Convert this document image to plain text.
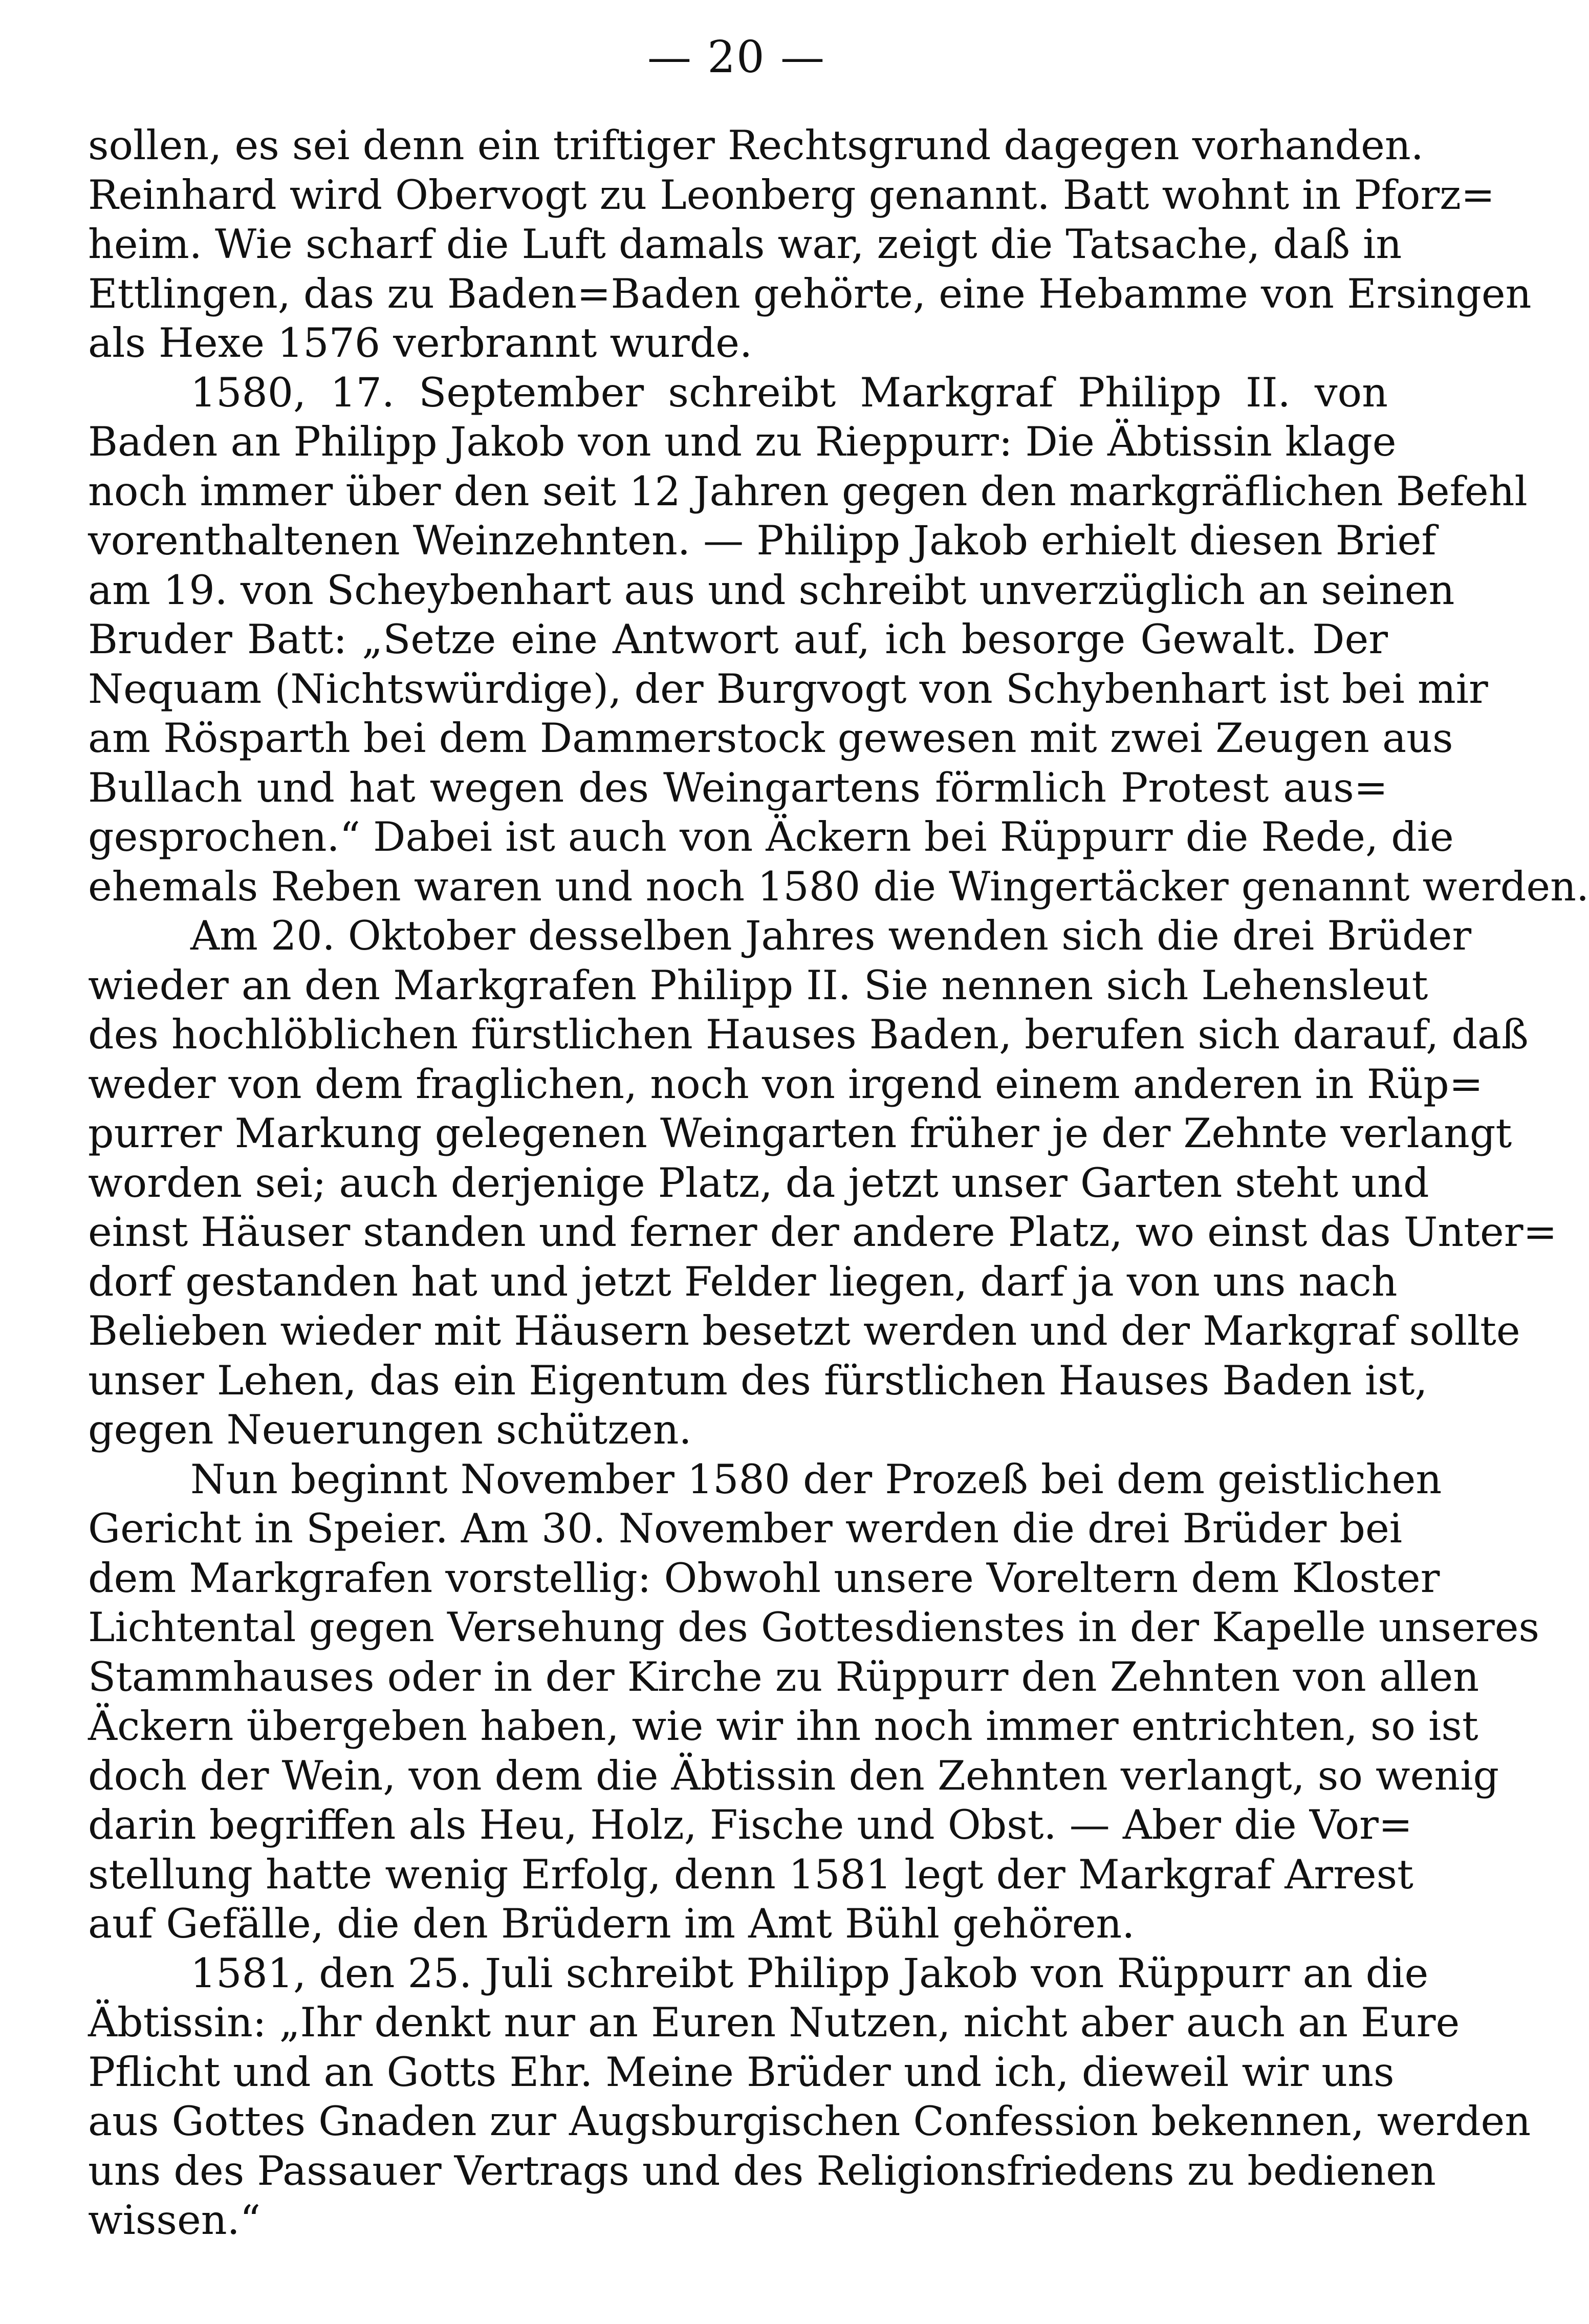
— 20 —
sollen, es sei denn ein triftiger Rechtsgrund dagegen vorhanden.
Reinhard wird Obervogt zu Leonberg genannt. Batt wohnt in Pforz=
heim. Wie scharf die Luft damals war, zeigt die Tatsache, daß in
Ettlingen, das zu Baden=Baden gehörte, eine Hebamme von Ersingen
als Hexe 1576 verbrannt wurde.
1580, 17. September schreibt Markgraf Philipp II. von
Baden an Philipp Jakob von und zu Rieppurr: Die Äbtissin klage
noch immer über den seit 12 Jahren gegen den markgräflichen Befehl
vorenthaltenen Weinzehnten. — Philipp Jakob erhielt diesen Brief
am 19. von Scheybenhart aus und schreibt unverzüglich an seinen
Bruder Batt: „Setze eine Antwort auf, ich besorge Gewalt. Der
Nequam (Nichtswürdige), der Burgvogt von Schybenhart ist bei mir
am Rösparth bei dem Dammerstock gewesen mit zwei Zeugen aus
Bullach und hat wegen des Weingartens förmlich Protest aus=
gesprochen.“ Dabei ist auch von Äckern bei Rüppurr die Rede, die
ehemals Reben waren und noch 1580 die Wingertäcker genannt werden.
Am 20. Oktober desselben Jahres wenden sich die drei Brüder
wieder an den Markgrafen Philipp II. Sie nennen sich Lehensleut
des hochlöblichen fürstlichen Hauses Baden, berufen sich darauf, daß
weder von dem fraglichen, noch von irgend einem anderen in Rüp=
purrer Markung gelegenen Weingarten früher je der Zehnte verlangt
worden sei; auch derjenige Platz, da jetzt unser Garten steht und
einst Häuser standen und ferner der andere Platz, wo einst das Unter=
dorf gestanden hat und jetzt Felder liegen, darf ja von uns nach
Belieben wieder mit Häusern besetzt werden und der Markgraf sollte
unser Lehen, das ein Eigentum des fürstlichen Hauses Baden ist,
gegen Neuerungen schützen.
Nun beginnt November 1580 der Prozeß bei dem geistlichen
Gericht in Speier. Am 30. November werden die drei Brüder bei
dem Markgrafen vorstellig: Obwohl unsere Voreltern dem Kloster
Lichtental gegen Versehung des Gottesdienstes in der Kapelle unseres
Stammhauses oder in der Kirche zu Rüppurr den Zehnten von allen
Äckern übergeben haben, wie wir ihn noch immer entrichten, so ist
doch der Wein, von dem die Äbtissin den Zehnten verlangt, so wenig
darin begriffen als Heu, Holz, Fische und Obst. — Aber die Vor=
stellung hatte wenig Erfolg, denn 1581 legt der Markgraf Arrest
auf Gefälle, die den Brüdern im Amt Bühl gehören.
1581, den 25. Juli schreibt Philipp Jakob von Rüppurr an die
Äbtissin: „Ihr denkt nur an Euren Nutzen, nicht aber auch an Eure
Pflicht und an Gotts Ehr. Meine Brüder und ich, dieweil wir uns
aus Gottes Gnaden zur Augsburgischen Confession bekennen, werden
uns des Passauer Vertrags und des Religionsfriedens zu bedienen
wissen.“
